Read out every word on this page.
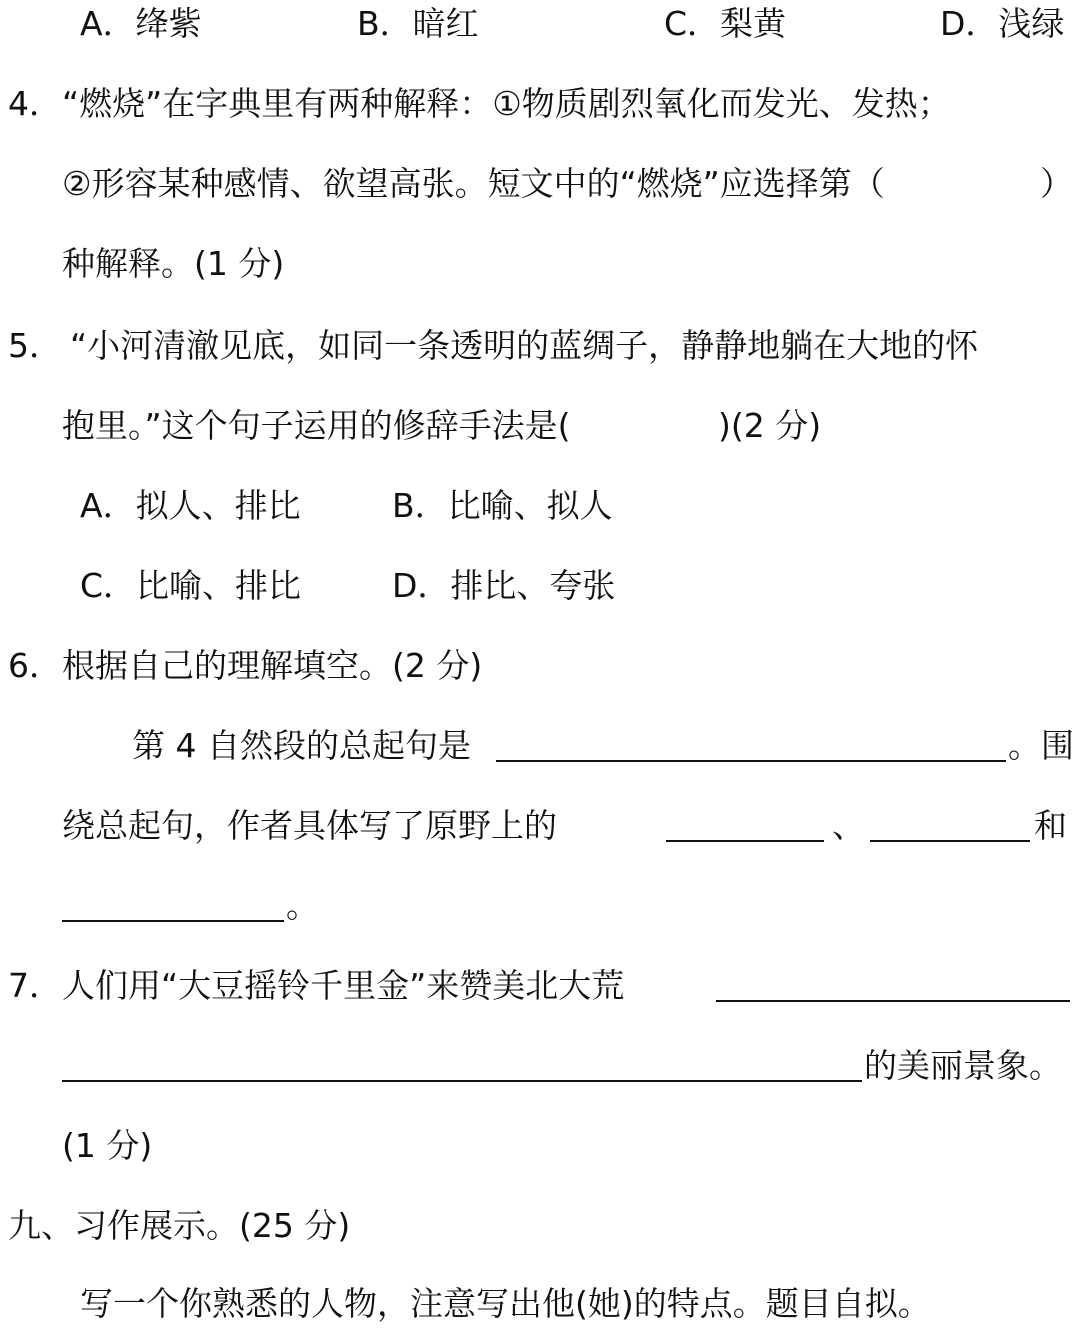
A．绛紫	B．暗红	C．梨黄	D．浅绿
4． “燃烧”在字典里有两种解释：①物质剧烈氧化而发光、发热；
②形容某种感情、欲望高张。短文中的“燃烧”应选择第（	）
种解释。(1 分)
5． “小河清澈见底，如同一条透明的蓝绸子，静静地躺在大地的怀
抱里。”这个句子运用的修辞手法是(	)(2 分)
A．拟人、排比	B．比喻、拟人
C．比喻、排比	D．排比、夸张
6．根据自己的理解填空。(2 分)
第 4 自然段的总起句是	。围
绕总起句，作者具体写了原野上的	、	和
。
7．人们用“大豆摇铃千里金”来赞美北大荒
的美丽景象。
(1 分)
九、习作展示。(25 分)
写一个你熟悉的人物，注意写出他(她)的特点。题目自拟。
